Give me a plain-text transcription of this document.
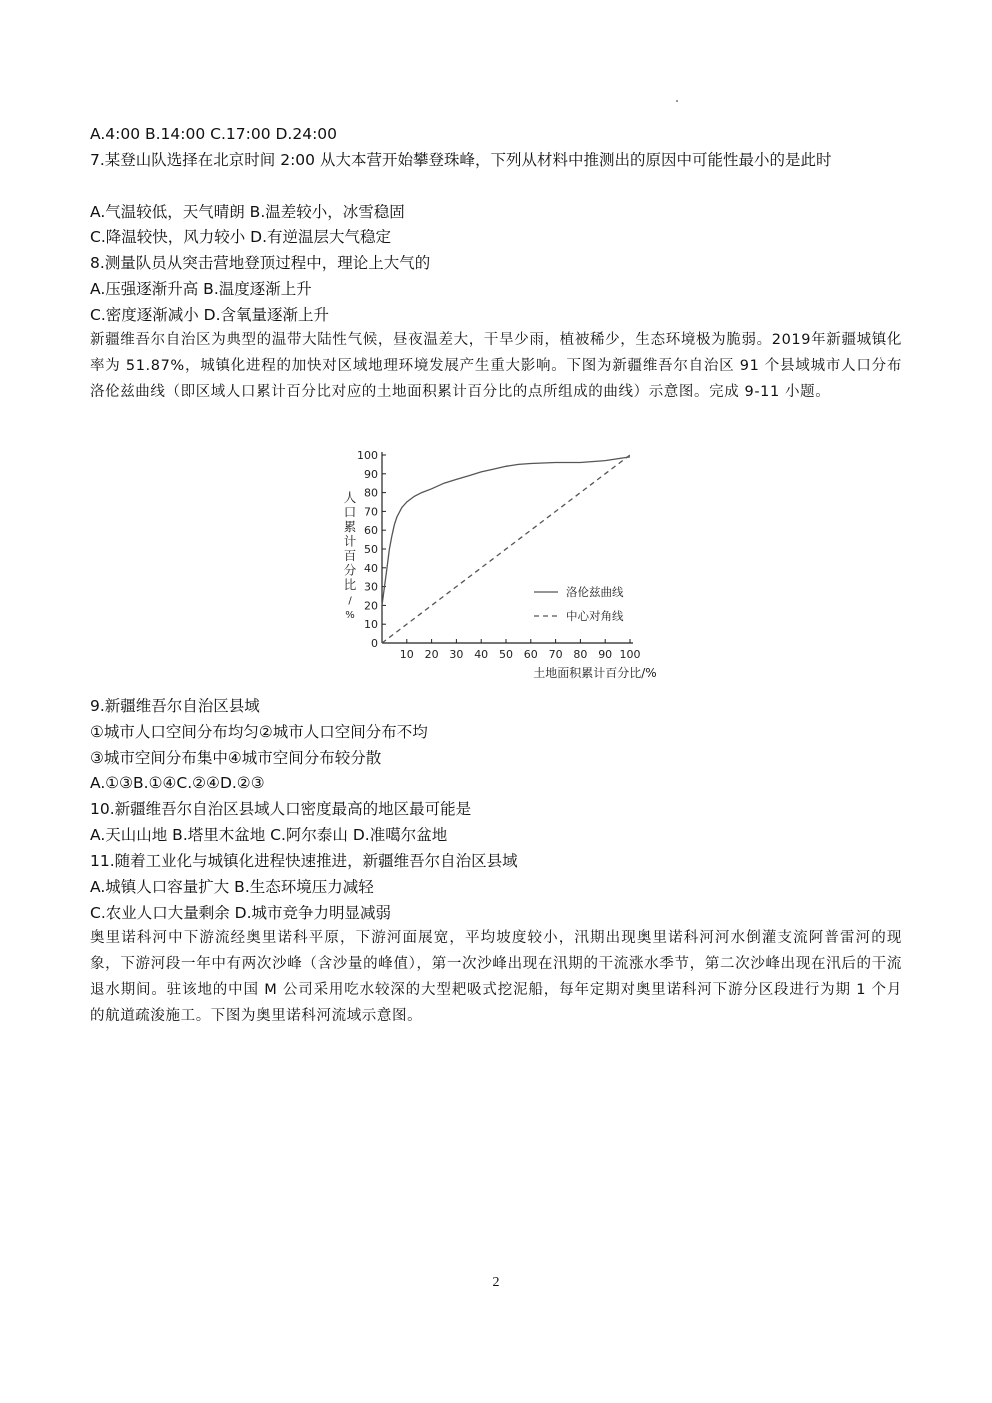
A.4:00 B.14:00 C.17:00 D.24:00
7.某登山队选择在北京时间 2:00 从大本营开始攀登珠峰，下列从材料中推测出的原因中可能性最小的是此时
A.气温较低，天气晴朗 B.温差较小，冰雪稳固
C.降温较快，风力较小 D.有逆温层大气稳定
8.测量队员从突击营地登顶过程中，理论上大气的
A.压强逐渐升高 B.温度逐渐上升
C.密度逐渐减小 D.含氧量逐渐上升
新疆维吾尔自治区为典型的温带大陆性气候，昼夜温差大，干旱少雨，植被稀少，生态环境极为脆弱。2019年新疆城镇化率为 51.87%，城镇化进程的加快对区域地理环境发展产生重大影响。下图为新疆维吾尔自治区 91 个县域城市人口分布洛伦兹曲线（即区域人口累计百分比对应的土地面积累计百分比的点所组成的曲线）示意图。完成 9-11 小题。
0
10
20
30
40
50
60
70
80
90
100
10 20 30 40 50 60 70 80 90 100
洛伦兹曲线
中心对角线
人口累计百分比/ %
土地面积累计百分比/%
9.新疆维吾尔自治区县域
①城市人口空间分布均匀②城市人口空间分布不均
③城市空间分布集中④城市空间分布较分散
A.①③B.①④C.②④D.②③
10.新疆维吾尔自治区县域人口密度最高的地区最可能是
A.天山山地 B.塔里木盆地 C.阿尔泰山 D.准噶尔盆地
11.随着工业化与城镇化进程快速推进，新疆维吾尔自治区县域
A.城镇人口容量扩大 B.生态环境压力减轻
C.农业人口大量剩余 D.城市竞争力明显减弱
奥里诺科河中下游流经奥里诺科平原，下游河面展宽，平均坡度较小，汛期出现奥里诺科河河水倒灌支流阿普雷河的现象，下游河段一年中有两次沙峰（含沙量的峰值），第一次沙峰出现在汛期的干流涨水季节，第二次沙峰出现在汛后的干流退水期间。驻该地的中国 M 公司采用吃水较深的大型耙吸式挖泥船，每年定期对奥里诺科河下游分区段进行为期 1 个月的航道疏浚施工。下图为奥里诺科河流域示意图。
2
